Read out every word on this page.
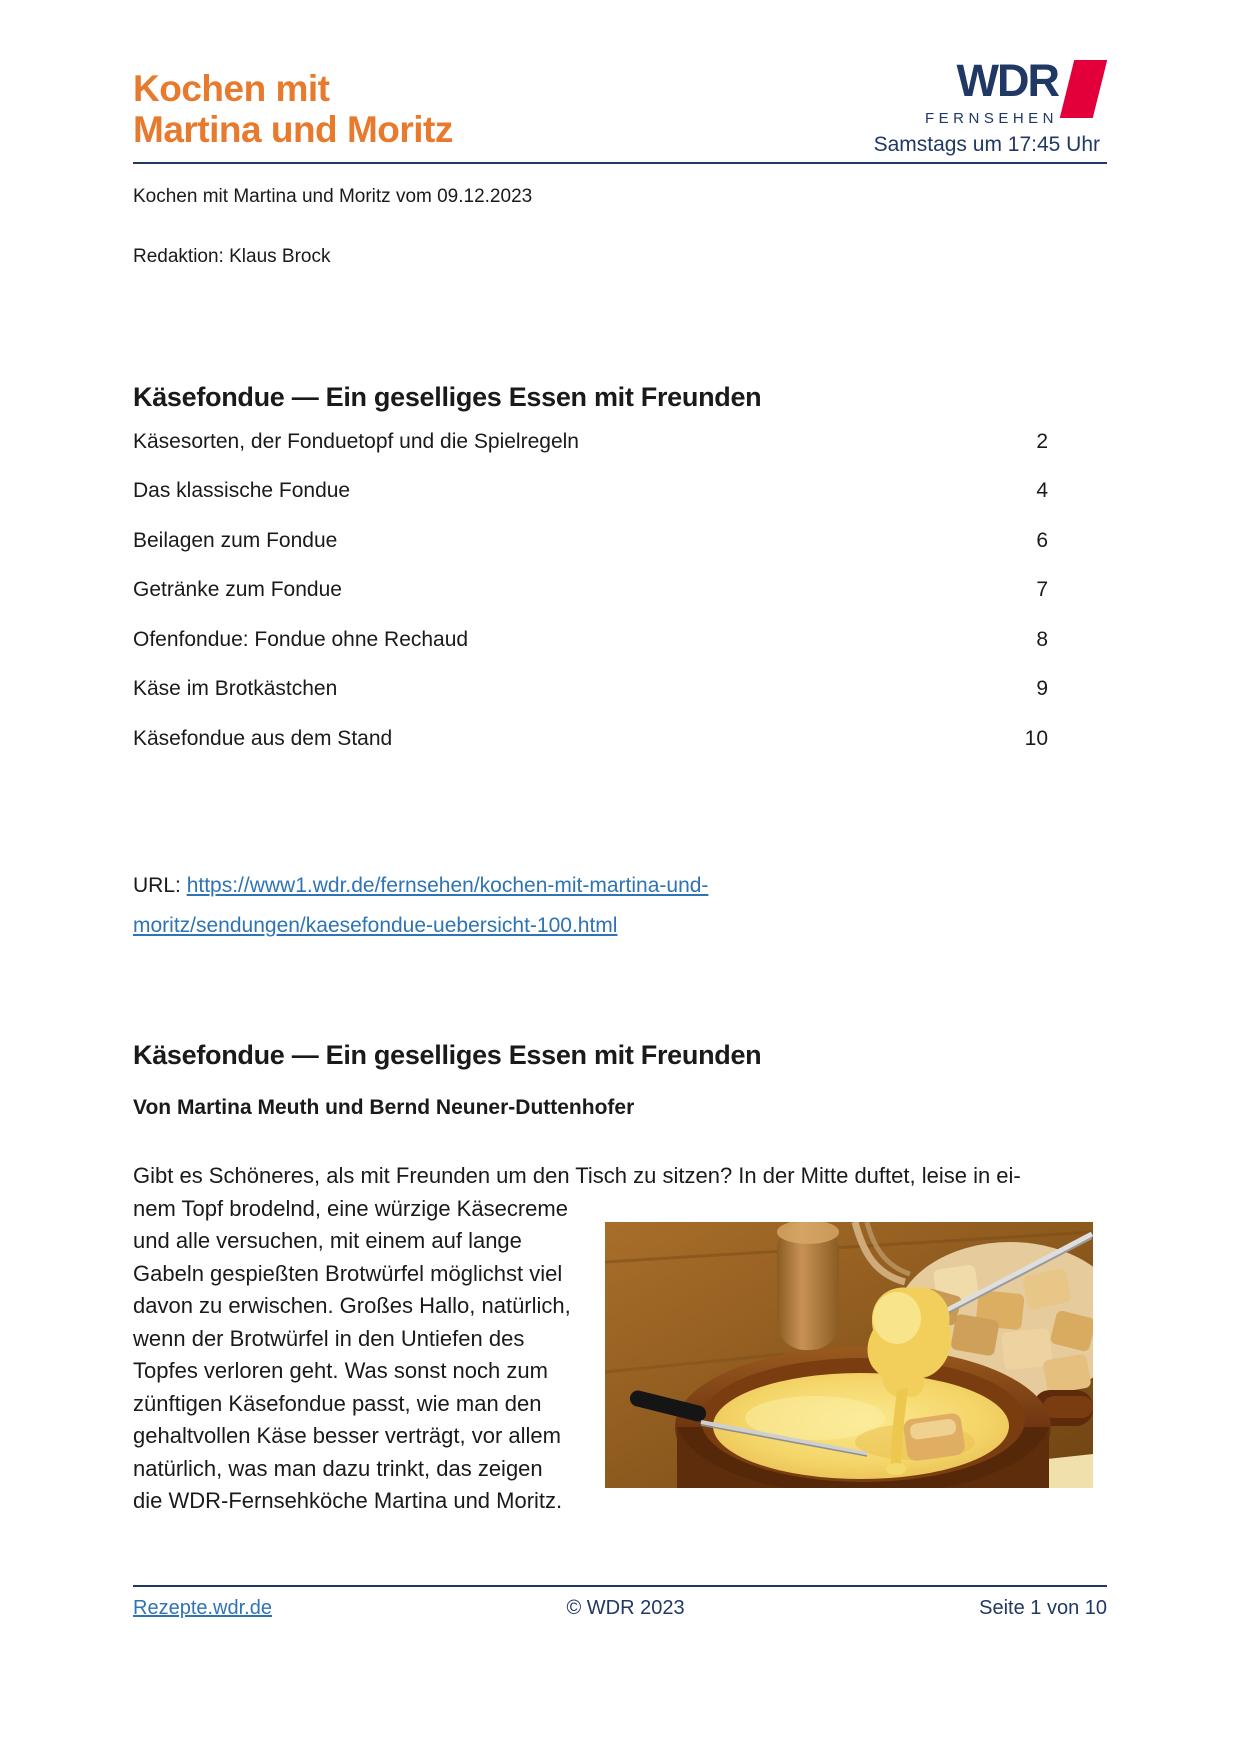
Kochen mit
Martina und Moritz
WDR
FERNSEHEN
Samstags um 17:45 Uhr
Kochen mit Martina und Moritz vom 09.12.2023
Redaktion: Klaus Brock
Käsefondue — Ein geselliges Essen mit Freunden
Käsesorten, der Fonduetopf und die Spielregeln	2
Das klassische Fondue	4
Beilagen zum Fondue	6
Getränke zum Fondue	7
Ofenfondue: Fondue ohne Rechaud	8
Käse im Brotkästchen	9
Käsefondue aus dem Stand	10
URL: https://www1.wdr.de/fernsehen/kochen-mit-martina-und-
moritz/sendungen/kaesefondue-uebersicht-100.html
Käsefondue — Ein geselliges Essen mit Freunden
Von Martina Meuth und Bernd Neuner-Duttenhofer
Gibt es Schöneres, als mit Freunden um den Tisch zu sitzen? In der Mitte duftet, leise in ei-
nem Topf brodelnd, eine würzige Käsecreme
und alle versuchen, mit einem auf lange
Gabeln gespießten Brotwürfel möglichst viel
davon zu erwischen. Großes Hallo, natürlich,
wenn der Brotwürfel in den Untiefen des
Topfes verloren geht. Was sonst noch zum
zünftigen Käsefondue passt, wie man den
gehaltvollen Käse besser verträgt, vor allem
natürlich, was man dazu trinkt, das zeigen
die WDR-Fernsehköche Martina und Moritz.
Rezepte.wdr.de	© WDR 2023	Seite 1 von 10
